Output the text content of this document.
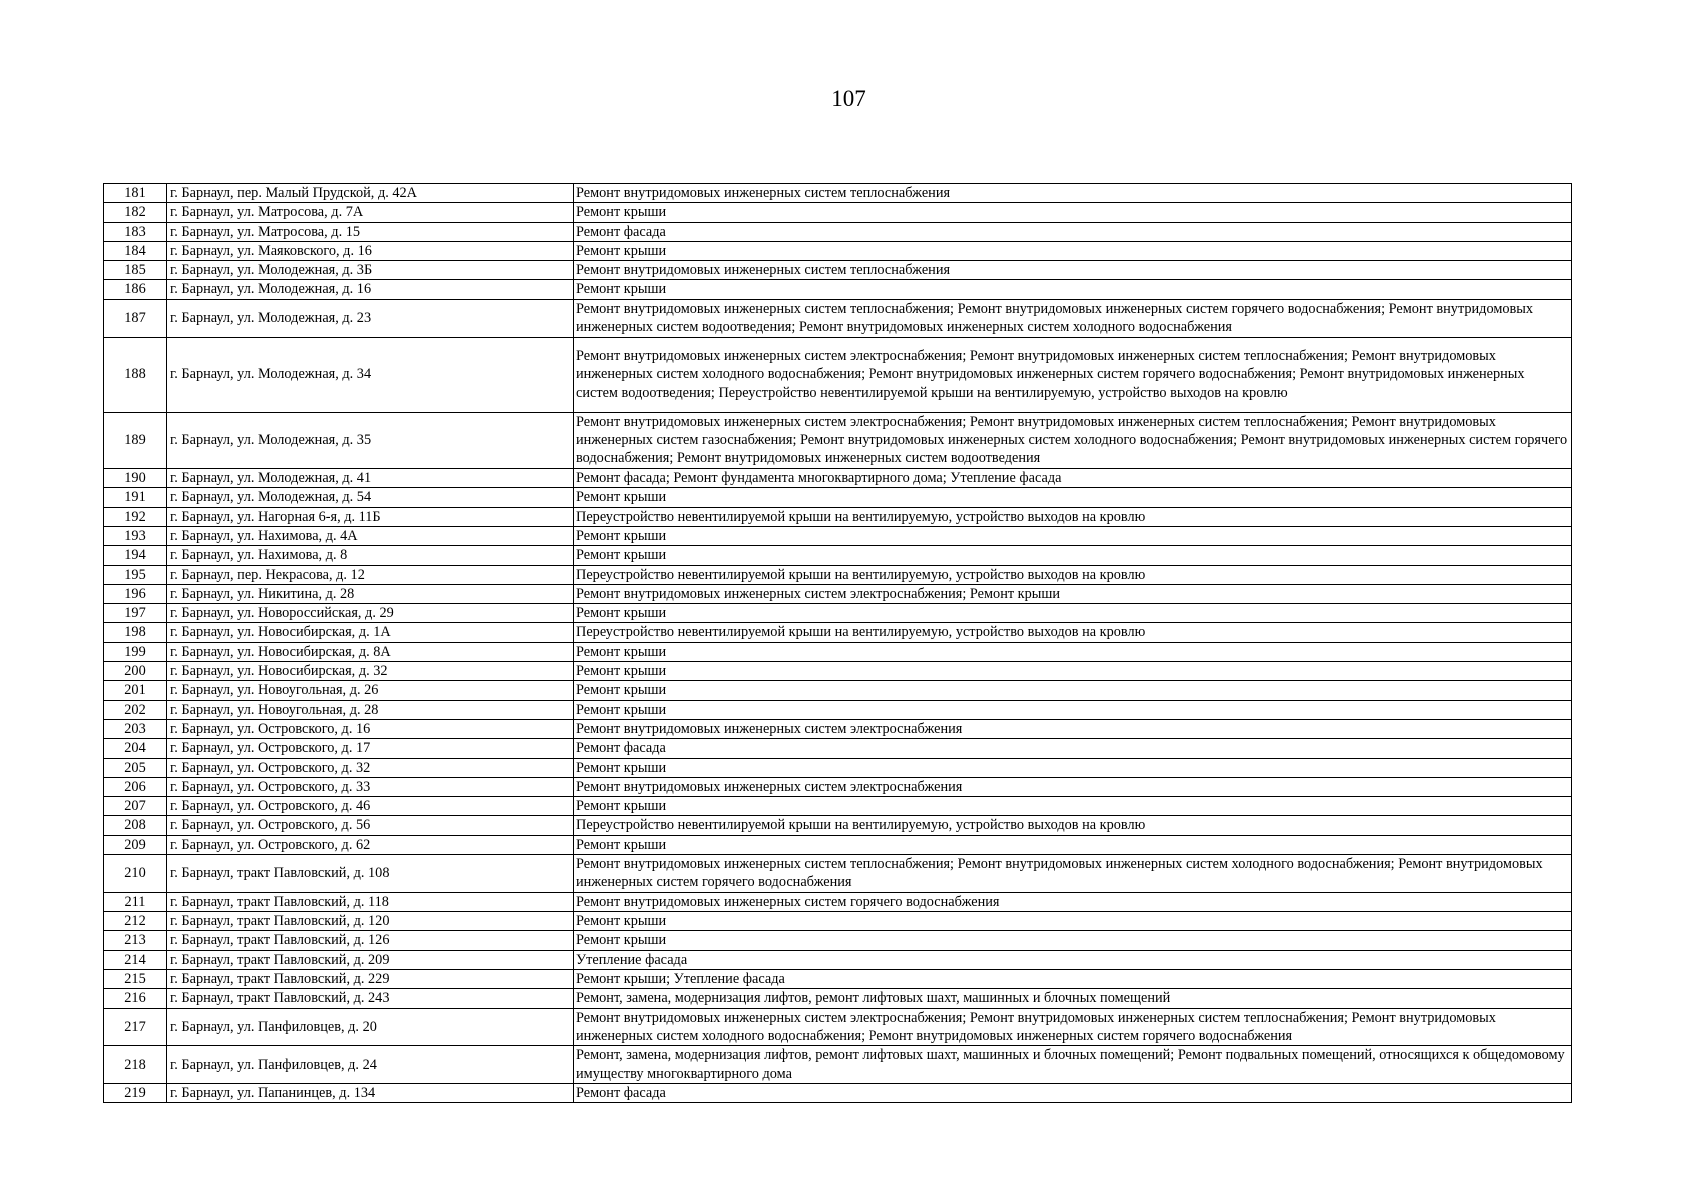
107
181	г. Барнаул, пер. Малый Прудской, д. 42А	Ремонт внутридомовых инженерных систем теплоснабжения
182	г. Барнаул, ул. Матросова, д. 7А	Ремонт крыши
183	г. Барнаул, ул. Матросова, д. 15	Ремонт фасада
184	г. Барнаул, ул. Маяковского, д. 16	Ремонт крыши
185	г. Барнаул, ул. Молодежная, д. 3Б	Ремонт внутридомовых инженерных систем теплоснабжения
186	г. Барнаул, ул. Молодежная, д. 16	Ремонт крыши
187	г. Барнаул, ул. Молодежная, д. 23	Ремонт внутридомовых инженерных систем теплоснабжения; Ремонт внутридомовых инженерных систем горячего водоснабжения; Ремонт внутридомовых инженерных систем водоотведения; Ремонт внутридомовых инженерных систем холодного водоснабжения
188	г. Барнаул, ул. Молодежная, д. 34	Ремонт внутридомовых инженерных систем электроснабжения; Ремонт внутридомовых инженерных систем теплоснабжения; Ремонт внутридомовых инженерных систем холодного водоснабжения; Ремонт внутридомовых инженерных систем горячего водоснабжения; Ремонт внутридомовых инженерных систем водоотведения; Переустройство невентилируемой крыши на вентилируемую, устройство выходов на кровлю
189	г. Барнаул, ул. Молодежная, д. 35	Ремонт внутридомовых инженерных систем электроснабжения; Ремонт внутридомовых инженерных систем теплоснабжения; Ремонт внутридомовых инженерных систем газоснабжения; Ремонт внутридомовых инженерных систем холодного водоснабжения; Ремонт внутридомовых инженерных систем горячего водоснабжения; Ремонт внутридомовых инженерных систем водоотведения
190	г. Барнаул, ул. Молодежная, д. 41	Ремонт фасада; Ремонт фундамента многоквартирного дома; Утепление фасада
191	г. Барнаул, ул. Молодежная, д. 54	Ремонт крыши
192	г. Барнаул, ул. Нагорная 6-я, д. 11Б	Переустройство невентилируемой крыши на вентилируемую, устройство выходов на кровлю
193	г. Барнаул, ул. Нахимова, д. 4А	Ремонт крыши
194	г. Барнаул, ул. Нахимова, д. 8	Ремонт крыши
195	г. Барнаул, пер. Некрасова, д. 12	Переустройство невентилируемой крыши на вентилируемую, устройство выходов на кровлю
196	г. Барнаул, ул. Никитина, д. 28	Ремонт внутридомовых инженерных систем электроснабжения; Ремонт крыши
197	г. Барнаул, ул. Новороссийская, д. 29	Ремонт крыши
198	г. Барнаул, ул. Новосибирская, д. 1А	Переустройство невентилируемой крыши на вентилируемую, устройство выходов на кровлю
199	г. Барнаул, ул. Новосибирская, д. 8А	Ремонт крыши
200	г. Барнаул, ул. Новосибирская, д. 32	Ремонт крыши
201	г. Барнаул, ул. Новоугольная, д. 26	Ремонт крыши
202	г. Барнаул, ул. Новоугольная, д. 28	Ремонт крыши
203	г. Барнаул, ул. Островского, д. 16	Ремонт внутридомовых инженерных систем электроснабжения
204	г. Барнаул, ул. Островского, д. 17	Ремонт фасада
205	г. Барнаул, ул. Островского, д. 32	Ремонт крыши
206	г. Барнаул, ул. Островского, д. 33	Ремонт внутридомовых инженерных систем электроснабжения
207	г. Барнаул, ул. Островского, д. 46	Ремонт крыши
208	г. Барнаул, ул. Островского, д. 56	Переустройство невентилируемой крыши на вентилируемую, устройство выходов на кровлю
209	г. Барнаул, ул. Островского, д. 62	Ремонт крыши
210	г. Барнаул, тракт Павловский, д. 108	Ремонт внутридомовых инженерных систем теплоснабжения; Ремонт внутридомовых инженерных систем холодного водоснабжения; Ремонт внутридомовых инженерных систем горячего водоснабжения
211	г. Барнаул, тракт Павловский, д. 118	Ремонт внутридомовых инженерных систем горячего водоснабжения
212	г. Барнаул, тракт Павловский, д. 120	Ремонт крыши
213	г. Барнаул, тракт Павловский, д. 126	Ремонт крыши
214	г. Барнаул, тракт Павловский, д. 209	Утепление фасада
215	г. Барнаул, тракт Павловский, д. 229	Ремонт крыши; Утепление фасада
216	г. Барнаул, тракт Павловский, д. 243	Ремонт, замена, модернизация лифтов, ремонт лифтовых шахт, машинных и блочных помещений
217	г. Барнаул, ул. Панфиловцев, д. 20	Ремонт внутридомовых инженерных систем электроснабжения; Ремонт внутридомовых инженерных систем теплоснабжения; Ремонт внутридомовых инженерных систем холодного водоснабжения; Ремонт внутридомовых инженерных систем горячего водоснабжения
218	г. Барнаул, ул. Панфиловцев, д. 24	Ремонт, замена, модернизация лифтов, ремонт лифтовых шахт, машинных и блочных помещений; Ремонт подвальных помещений, относящихся к общедомовому имуществу многоквартирного дома
219	г. Барнаул, ул. Папанинцев, д. 134	Ремонт фасада
